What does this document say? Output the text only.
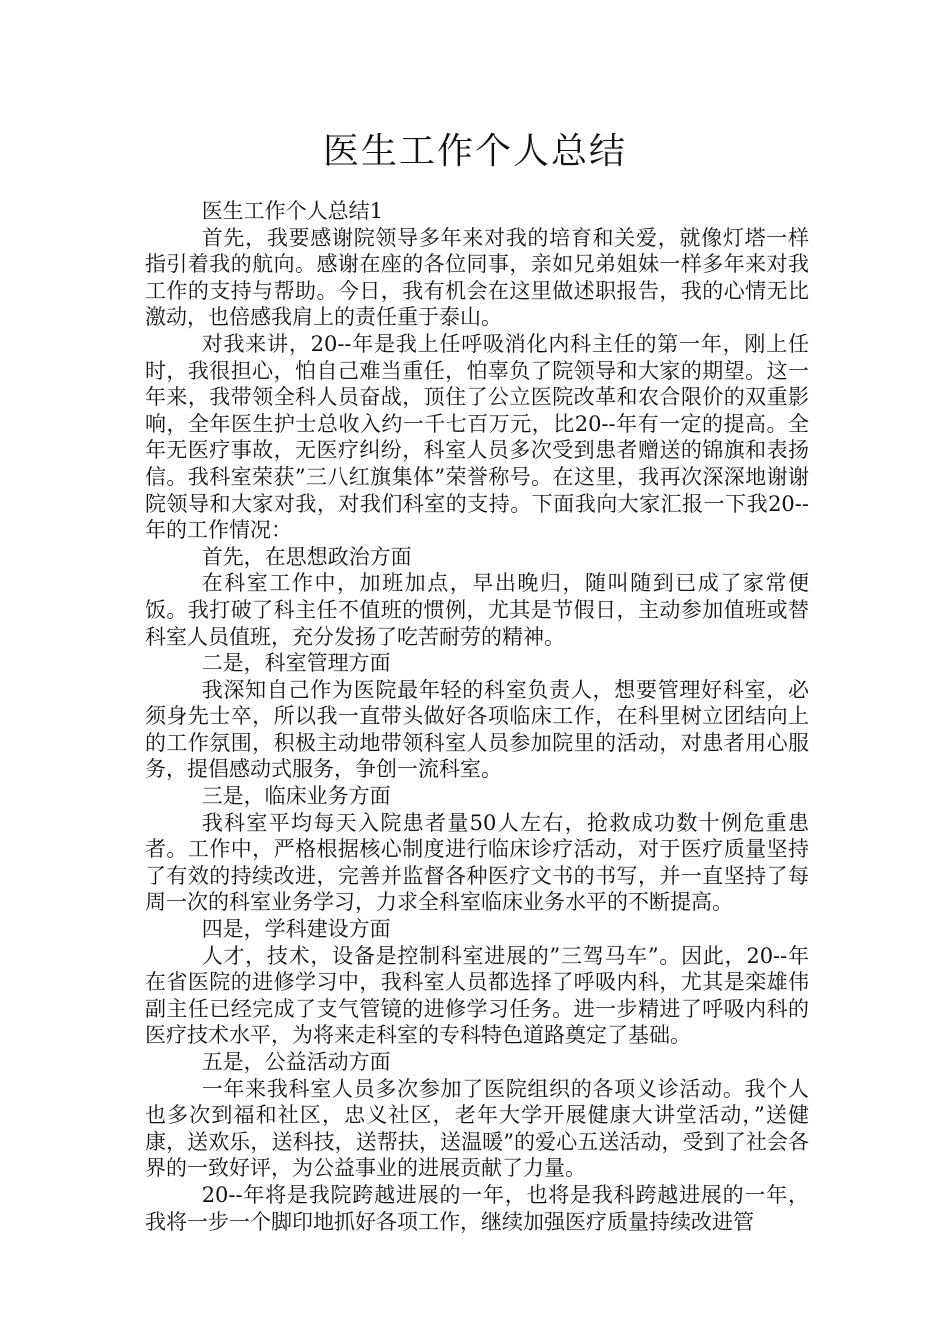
医生工作个人总结

医生工作个人总结1

首先，我要感谢院领导多年来对我的培育和关爱，就像灯塔一样指引着我的航向。感谢在座的各位同事，亲如兄弟姐妹一样多年来对我工作的支持与帮助。今日，我有机会在这里做述职报告，我的心情无比激动，也倍感我肩上的责任重于泰山。

对我来讲，20--年是我上任呼吸消化内科主任的第一年，刚上任时，我很担心，怕自己难当重任，怕辜负了院领导和大家的期望。这一年来，我带领全科人员奋战，顶住了公立医院改革和农合限价的双重影响，全年医生护士总收入约一千七百万元，比20--年有一定的提高。全年无医疗事故，无医疗纠纷，科室人员多次受到患者赠送的锦旗和表扬信。我科室荣获”三八红旗集体”荣誉称号。在这里，我再次深深地谢谢院领导和大家对我，对我们科室的支持。下面我向大家汇报一下我20--年的工作情况：

首先，在思想政治方面

在科室工作中，加班加点，早出晚归，随叫随到已成了家常便饭。我打破了科主任不值班的惯例，尤其是节假日，主动参加值班或替科室人员值班，充分发扬了吃苦耐劳的精神。

二是，科室管理方面

我深知自己作为医院最年轻的科室负责人，想要管理好科室，必须身先士卒，所以我一直带头做好各项临床工作，在科里树立团结向上的工作氛围，积极主动地带领科室人员参加院里的活动，对患者用心服务，提倡感动式服务，争创一流科室。

三是，临床业务方面

我科室平均每天入院患者量50人左右，抢救成功数十例危重患者。工作中，严格根据核心制度进行临床诊疗活动，对于医疗质量坚持了有效的持续改进，完善并监督各种医疗文书的书写，并一直坚持了每周一次的科室业务学习，力求全科室临床业务水平的不断提高。

四是，学科建设方面

人才，技术，设备是控制科室进展的”三驾马车”。因此，20--年在省医院的进修学习中，我科室人员都选择了呼吸内科，尤其是栾雄伟副主任已经完成了支气管镜的进修学习任务。进一步精进了呼吸内科的医疗技术水平，为将来走科室的专科特色道路奠定了基础。

五是，公益活动方面

一年来我科室人员多次参加了医院组织的各项义诊活动。我个人也多次到福和社区，忠义社区，老年大学开展健康大讲堂活动，”送健康，送欢乐，送科技，送帮扶，送温暖”的爱心五送活动，受到了社会各界的一致好评，为公益事业的进展贡献了力量。

20--年将是我院跨越进展的一年，也将是我科跨越进展的一年，我将一步一个脚印地抓好各项工作，继续加强医疗质量持续改进管
